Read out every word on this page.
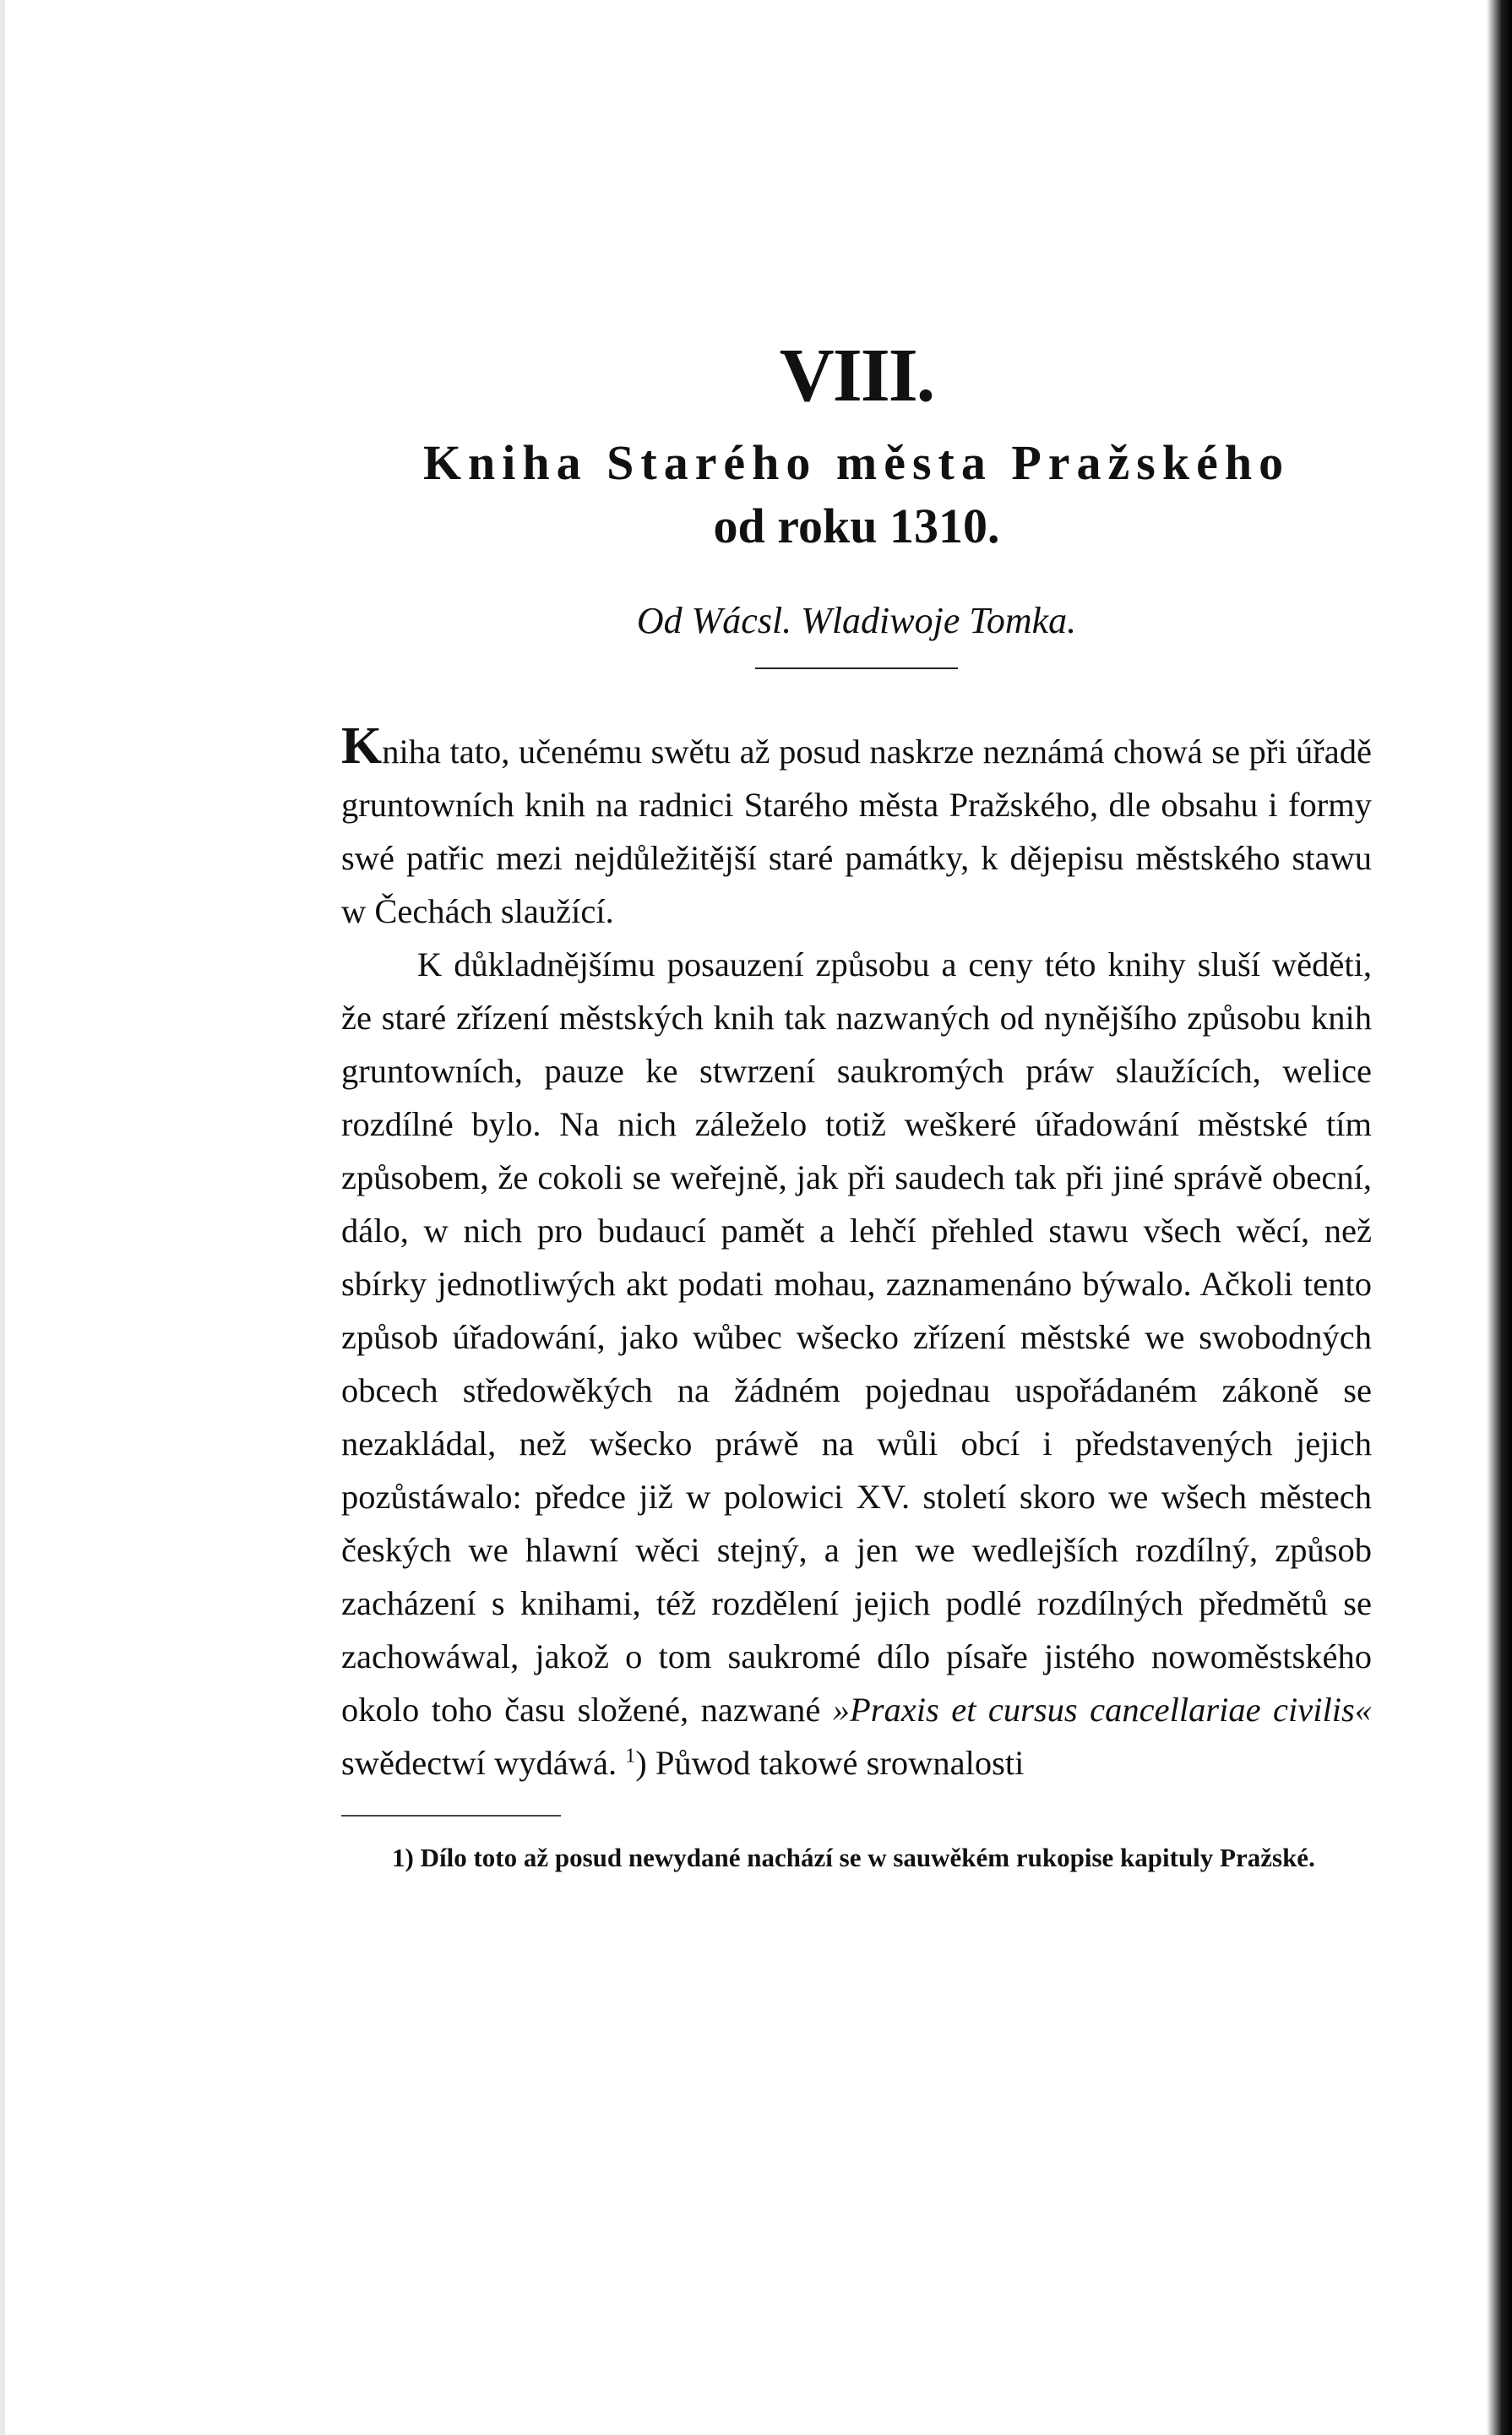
VIII.
Kniha Starého města Pražského
od roku 1310.
Od Wácsl. Wladiwoje Tomka.

Kniha tato, učenému swětu až posud naskrze neznámá chowá se při úřadě gruntowních knih na radnici Starého města Pražského, dle obsahu i formy swé patřic mezi nejdůležitější staré památky, k dějepisu městského stawu w Čechách slaužící.

K důkladnějšímu posauzení způsobu a ceny této knihy sluší wěděti, že staré zřízení městských knih tak nazwaných od nynějšího způsobu knih gruntowních, pauze ke stwrzení saukromých práw slaužících, welice rozdílné bylo. Na nich záleželo totiž weškeré úřadowání městské tím způsobem, že cokoli se weřejně, jak při saudech tak při jiné správě obecní, dálo, w nich pro budaucí pamět a lehčí přehled stawu všech wěcí, než sbírky jednotliwých akt podati mohau, zaznamenáno býwalo. Ačkoli tento způsob úřadowání, jako wůbec wšecko zřízení městské we swobodných obcech středowěkých na žádném pojednau uspořádaném zákoně se nezakládal, než wšecko práwě na wůli obcí i představených jejich pozůstáwalo: předce již w polowici XV. století skoro we wšech městech českých we hlawní wěci stejný, a jen we wedlejších rozdílný, způsob zacházení s knihami, též rozdělení jejich podlé rozdílných předmětů se zachowáwal, jakož o tom saukromé dílo písaře jistého nowoměstského okolo toho času složené, nazwané »Praxis et cursus cancellariae civilis« swědectwí wydáwá. $^1$) Půwod takowé srownalosti

1) Dílo toto až posud newydané nachází se w sauwěkém rukopise kapituly Pražské.
